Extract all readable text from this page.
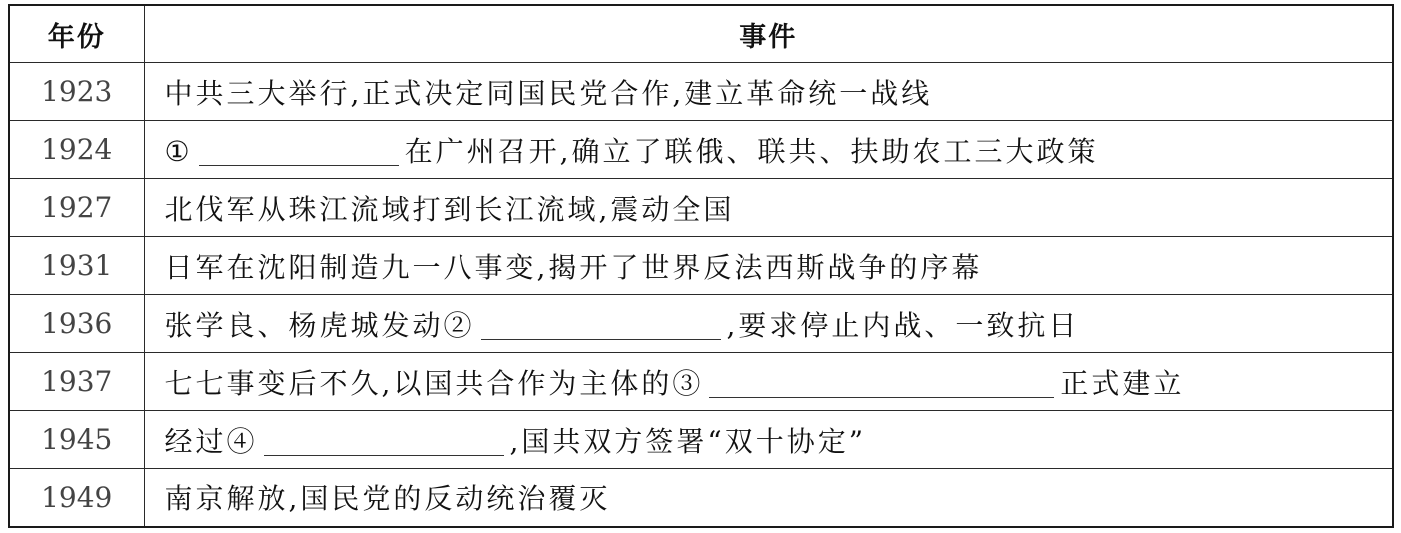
年份	事件
1923	中共三大举行,正式决定同国民党合作,建立革命统一战线
1924	① 在广州召开,确立了联俄、联共、扶助农工三大政策
1927	北伐军从珠江流域打到长江流域,震动全国
1931	日军在沈阳制造九一八事变,揭开了世界反法西斯战争的序幕
1936	张学良、杨虎城发动② ,要求停止内战、一致抗日
1937	七七事变后不久,以国共合作为主体的③ 正式建立
1945	经过④ ,国共双方签署“双十协定”
1949	南京解放,国民党的反动统治覆灭
